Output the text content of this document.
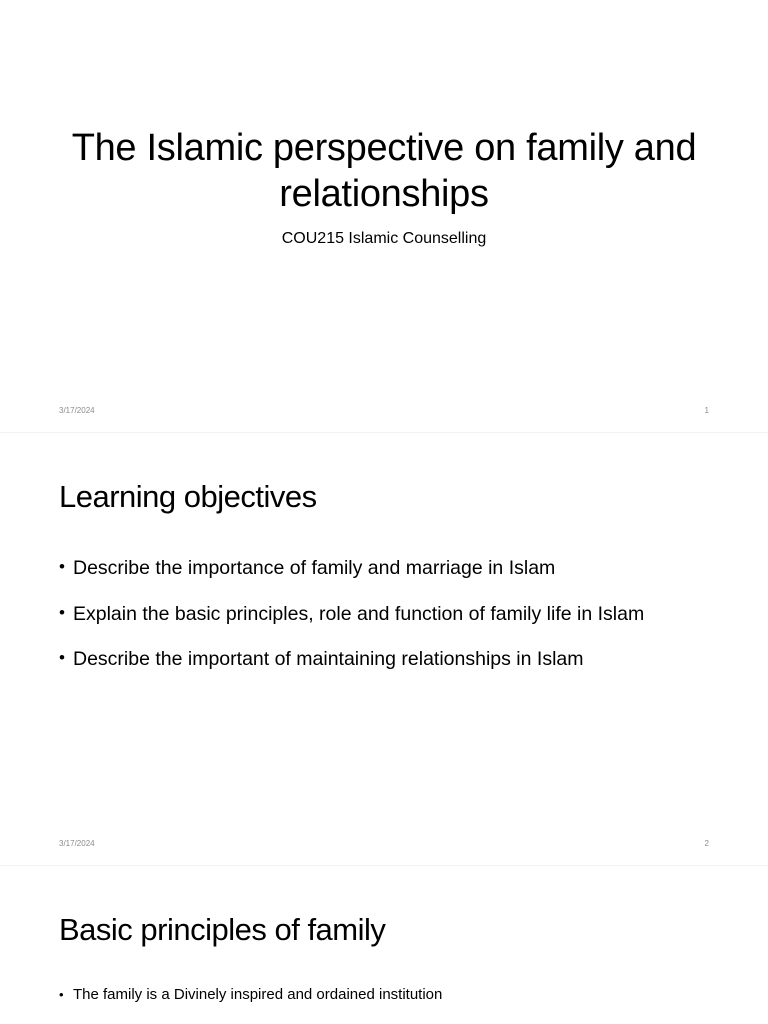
The Islamic perspective on family and relationships
COU215 Islamic Counselling
3/17/2024	1
Learning objectives
• Describe the importance of family and marriage in Islam
• Explain the basic principles, role and function of family life in Islam
• Describe the important of maintaining relationships in Islam
3/17/2024	2
Basic principles of family
• The family is a Divinely inspired and ordained institution
